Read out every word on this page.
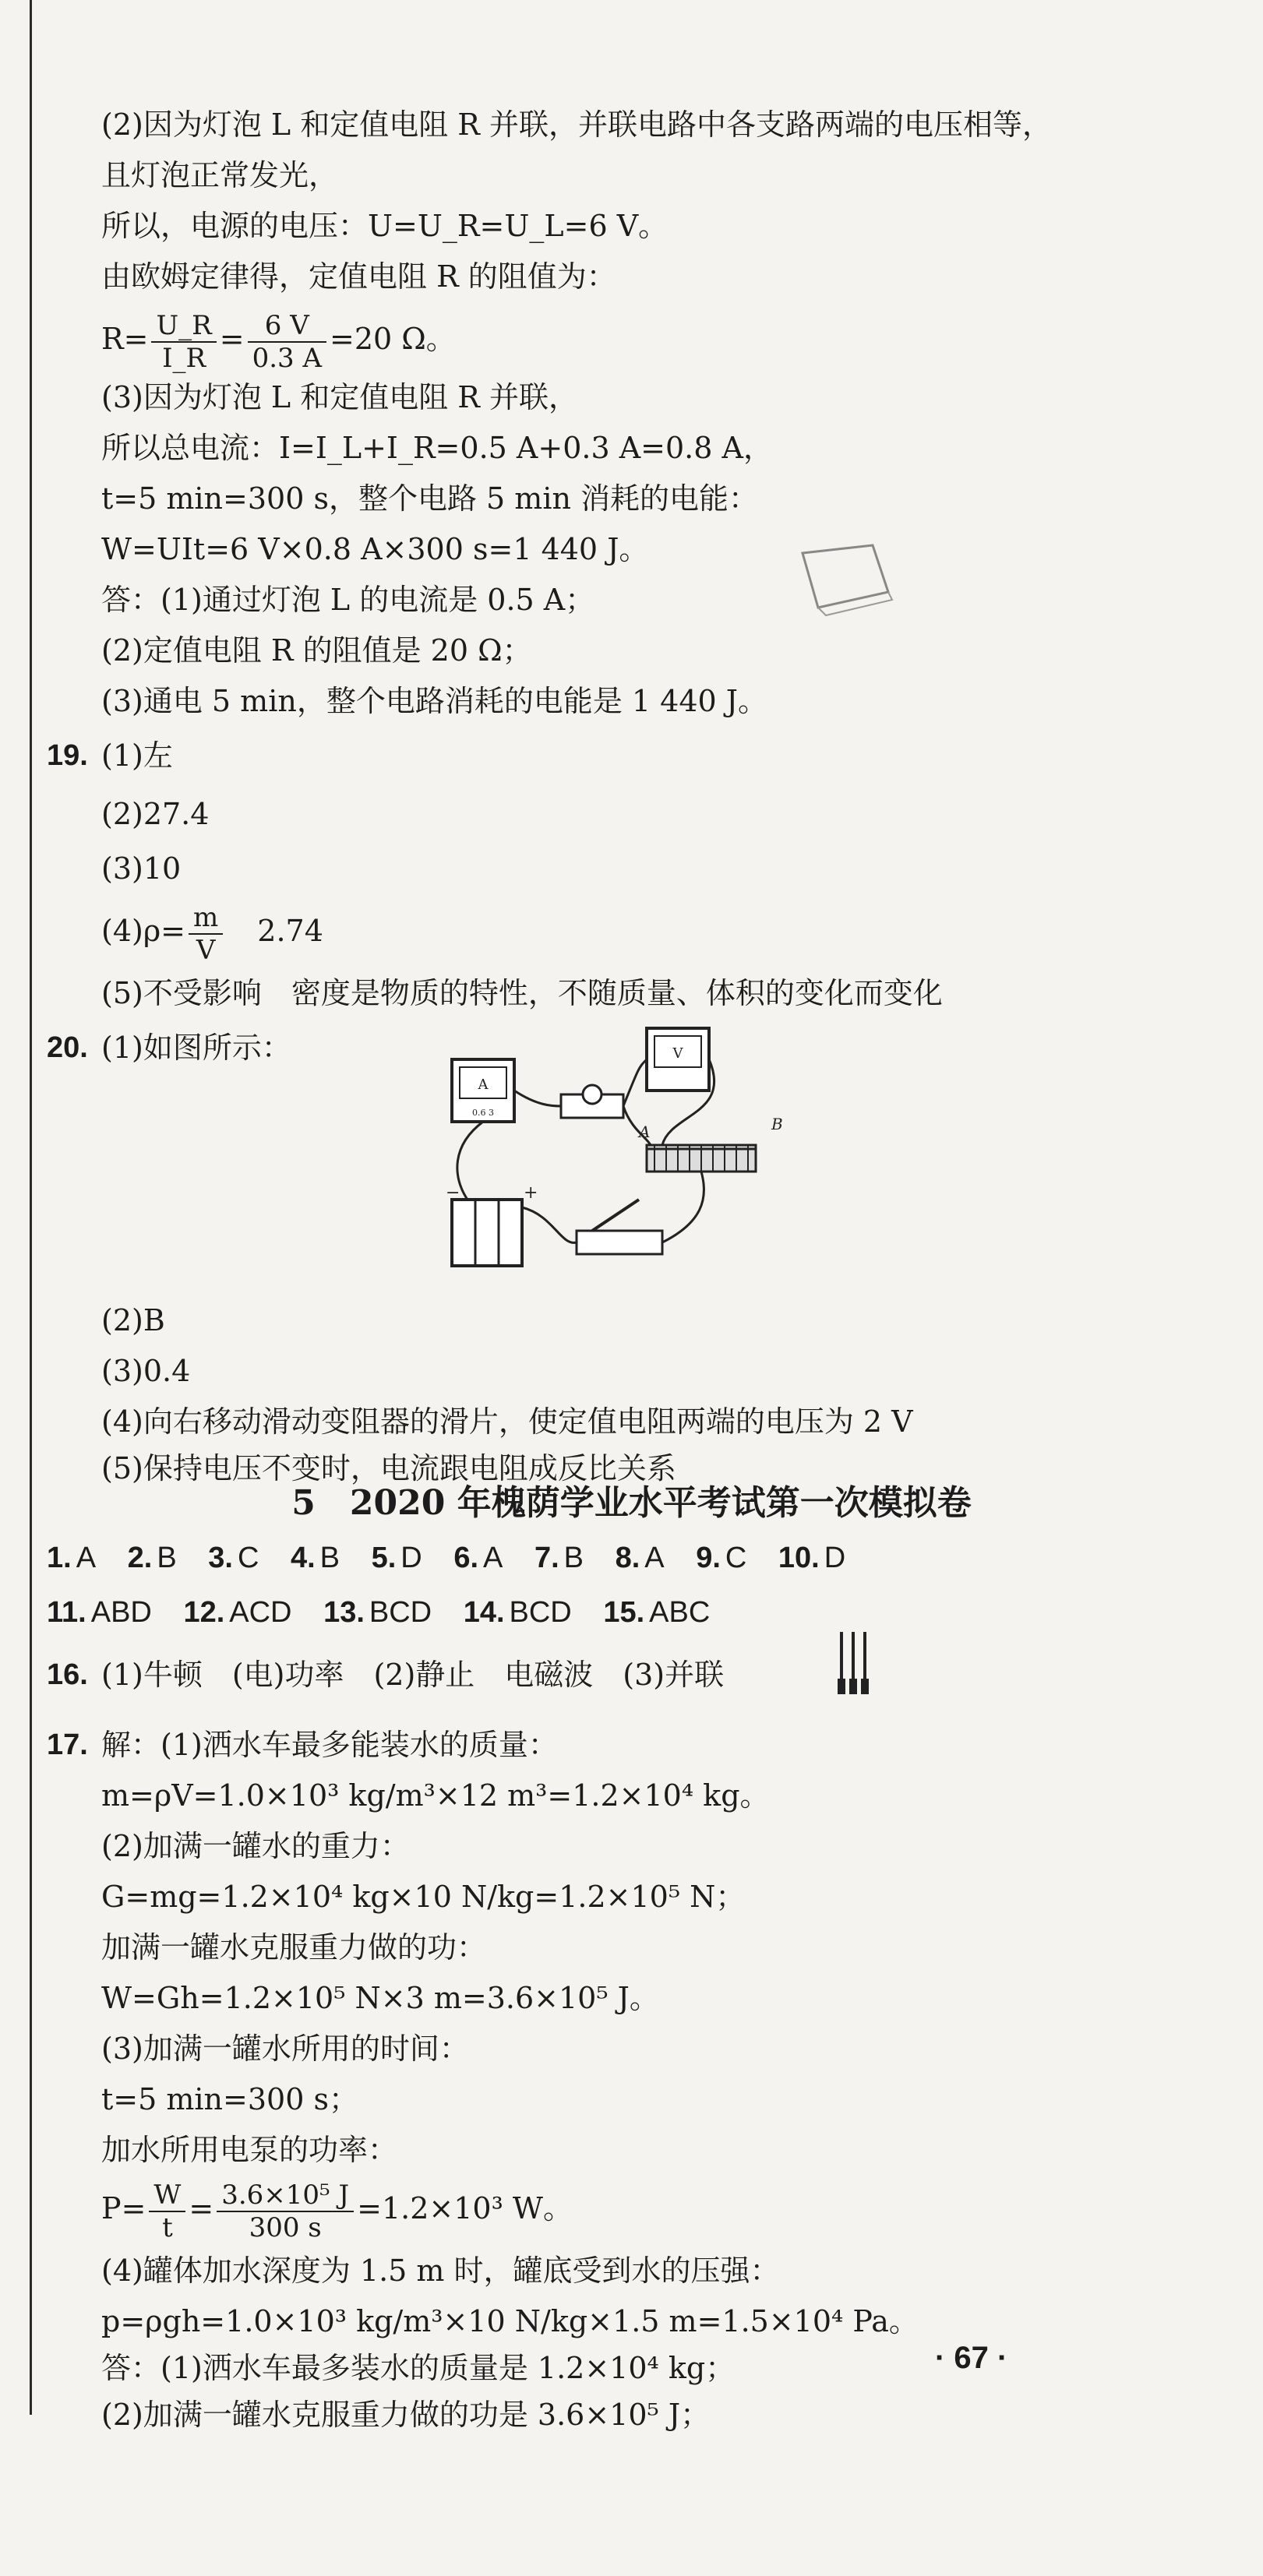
(2)因为灯泡 L 和定值电阻 R 并联，并联电路中各支路两端的电压相等，
且灯泡正常发光，
所以，电源的电压：U=U_R=U_L=6 V。
由欧姆定律得，定值电阻 R 的阻值为：
$R= \frac{U\_R}{I\_R} = \frac{6 V}{0.3 A} =20$ Ω。
(3)因为灯泡 L 和定值电阻 R 并联，
所以总电流：I=I_L+I_R=0.5 A+0.3 A=0.8 A，
t=5 min=300 s，整个电路 5 min 消耗的电能：
W=UIt=6 V×0.8 A×300 s=1 440 J。
答：(1)通过灯泡 L 的电流是 0.5 A；
(2)定值电阻 R 的阻值是 20 Ω；
(3)通电 5 min，整个电路消耗的电能是 1 440 J。
19. (1)左
(2)27.4
(3)10
$(4)\rho= \frac{m}{V} 2.74$
(5)不受影响　密度是物质的特性，不随质量、体积的变化而变化
20. (1)如图所示：
A
0.6 3
V
A	B
−	+
(2)B
(3)0.4
(4)向右移动滑动变阻器的滑片，使定值电阻两端的电压为 2 V
(5)保持电压不变时，电流跟电阻成反比关系
5　2020 年槐荫学业水平考试第一次模拟卷
1. A 2. B 3. C 4. B 5. D 6. A 7. B 8. A 9. C 10. D
11. ABD 12. ACD 13. BCD 14. BCD 15. ABC
16. (1)牛顿　(电)功率　(2)静止　电磁波　(3)并联
17. 解：(1)洒水车最多能装水的质量：
m=ρV=1.0×10³ kg/m³×12 m³=1.2×10⁴ kg。
(2)加满一罐水的重力：
G=mg=1.2×10⁴ kg×10 N/kg=1.2×10⁵ N；
加满一罐水克服重力做的功：
W=Gh=1.2×10⁵ N×3 m=3.6×10⁵ J。
(3)加满一罐水所用的时间：
t=5 min=300 s；
加水所用电泵的功率：
$P= \frac{W}{t} = \frac{\text{3.6×10⁵ J}}{300 s} =1.2\times 10^3$ W。
(4)罐体加水深度为 1.5 m 时，罐底受到水的压强：
p=ρgh=1.0×10³ kg/m³×10 N/kg×1.5 m=1.5×10⁴ Pa。
答：(1)洒水车最多装水的质量是 1.2×10⁴ kg；
(2)加满一罐水克服重力做的功是 3.6×10⁵ J；
· 67 ·
